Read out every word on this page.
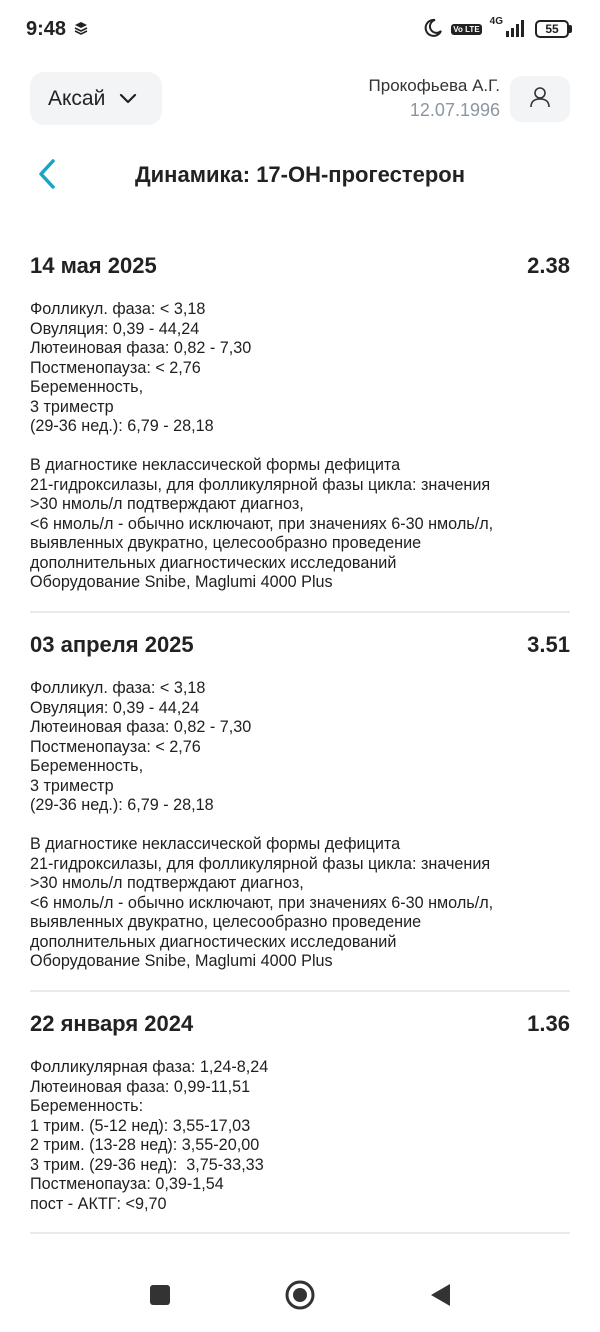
9:48	Vo LTE
4G
55
Аксай
Прокофьева А.Г.
12.07.1996
Динамика: 17-ОН-прогестерон
14 мая 2025	2.38
Фолликул. фаза: < 3,18
Овуляция: 0,39 - 44,24
Лютеиновая фаза: 0,82 - 7,30
Постменопауза: < 2,76
Беременность,
3 триместр
(29-36 нед.): 6,79 - 28,18

В диагностике неклассической формы дефицита
21-гидроксилазы, для фолликулярной фазы цикла: значения
>30 нмоль/л подтверждают диагноз,
<6 нмоль/л - обычно исключают, при значениях 6-30 нмоль/л,
выявленных двукратно, целесообразно проведение
дополнительных диагностических исследований
Оборудование Snibe, Maglumi 4000 Plus
03 апреля 2025	3.51
Фолликул. фаза: < 3,18
Овуляция: 0,39 - 44,24
Лютеиновая фаза: 0,82 - 7,30
Постменопауза: < 2,76
Беременность,
3 триместр
(29-36 нед.): 6,79 - 28,18

В диагностике неклассической формы дефицита
21-гидроксилазы, для фолликулярной фазы цикла: значения
>30 нмоль/л подтверждают диагноз,
<6 нмоль/л - обычно исключают, при значениях 6-30 нмоль/л,
выявленных двукратно, целесообразно проведение
дополнительных диагностических исследований
Оборудование Snibe, Maglumi 4000 Plus
22 января 2024	1.36
Фолликулярная фаза: 1,24-8,24
Лютеиновая фаза: 0,99-11,51
Беременность:
1 трим. (5-12 нед): 3,55-17,03
2 трим. (13-28 нед): 3,55-20,00
3 трим. (29-36 нед):  3,75-33,33
Постменопауза: 0,39-1,54
пост - АКТГ: <9,70
